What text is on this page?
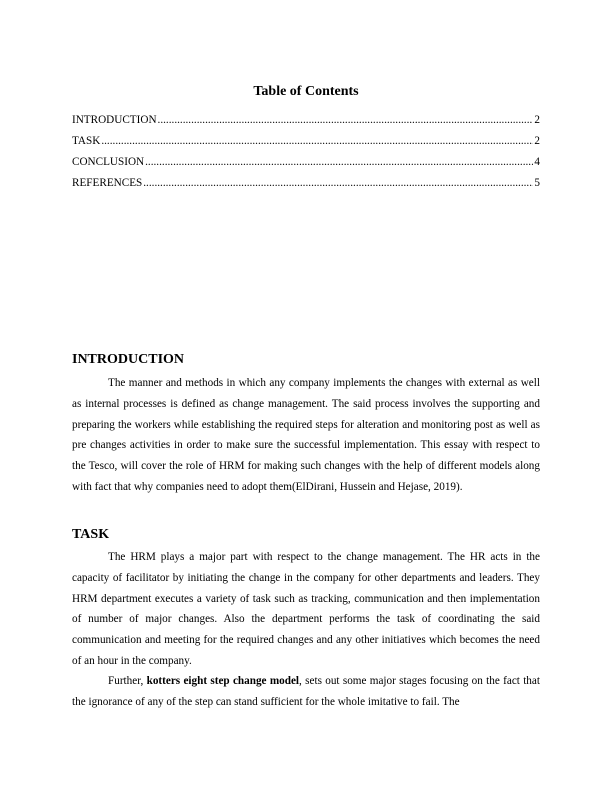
Table of Contents
INTRODUCTION .....	2
TASK .....	2
CONCLUSION .....	4
REFERENCES .....	5
INTRODUCTION

The manner and methods in which any company implements the changes with external as well as internal processes is defined as change management. The said process involves the supporting and preparing the workers while establishing the required steps for alteration and monitoring post as well as pre changes activities in order to make sure the successful implementation. This essay with respect to the Tesco, will cover the role of HRM for making such changes with the help of different models along with fact that why companies need to adopt them(ElDirani, Hussein and Hejase, 2019).

TASK

The HRM plays a major part with respect to the change management. The HR acts in the capacity of facilitator by initiating the change in the company for other departments and leaders. They HRM department executes a variety of task such as tracking, communication and then implementation of number of major changes. Also the department performs the task of coordinating the said communication and meeting for the required changes and any other initiatives which becomes the need of an hour in the company.

Further, kotters eight step change model, sets out some major stages focusing on the fact that the ignorance of any of the step can stand sufficient for the whole imitative to fail. The
